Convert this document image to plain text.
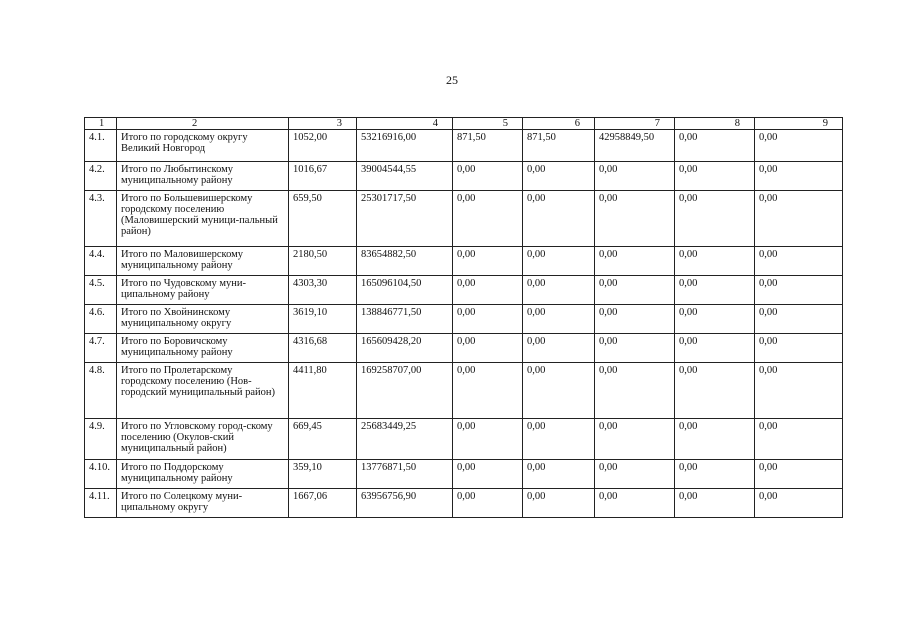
25
1	2	3	4	5	6	7	8	9
4.1.	Итого по городскому округу Великий Новгород	1052,00	53216916,00	871,50	871,50	42958849,50	0,00	0,00
4.2.	Итого по Любытинскому муниципальному району	1016,67	39004544,55	0,00	0,00	0,00	0,00	0,00
4.3.	Итого по Большевишерскому городскому поселению (Маловишерский муници-пальный район)	659,50	25301717,50	0,00	0,00	0,00	0,00	0,00
4.4.	Итого по Маловишерскому муниципальному району	2180,50	83654882,50	0,00	0,00	0,00	0,00	0,00
4.5.	Итого по Чудовскому муни-ципальному району	4303,30	165096104,50	0,00	0,00	0,00	0,00	0,00
4.6.	Итого по Хвойнинскому муниципальному округу	3619,10	138846771,50	0,00	0,00	0,00	0,00	0,00
4.7.	Итого по Боровичскому муниципальному району	4316,68	165609428,20	0,00	0,00	0,00	0,00	0,00
4.8.	Итого по Пролетарскому городскому поселению (Нов-городский муниципальный район)	4411,80	169258707,00	0,00	0,00	0,00	0,00	0,00
4.9.	Итого по Угловскому город-скому поселению (Окулов-ский муниципальный район)	669,45	25683449,25	0,00	0,00	0,00	0,00	0,00
4.10.	Итого по Поддорскому муниципальному району	359,10	13776871,50	0,00	0,00	0,00	0,00	0,00
4.11.	Итого по Солецкому муни-ципальному округу	1667,06	63956756,90	0,00	0,00	0,00	0,00	0,00
